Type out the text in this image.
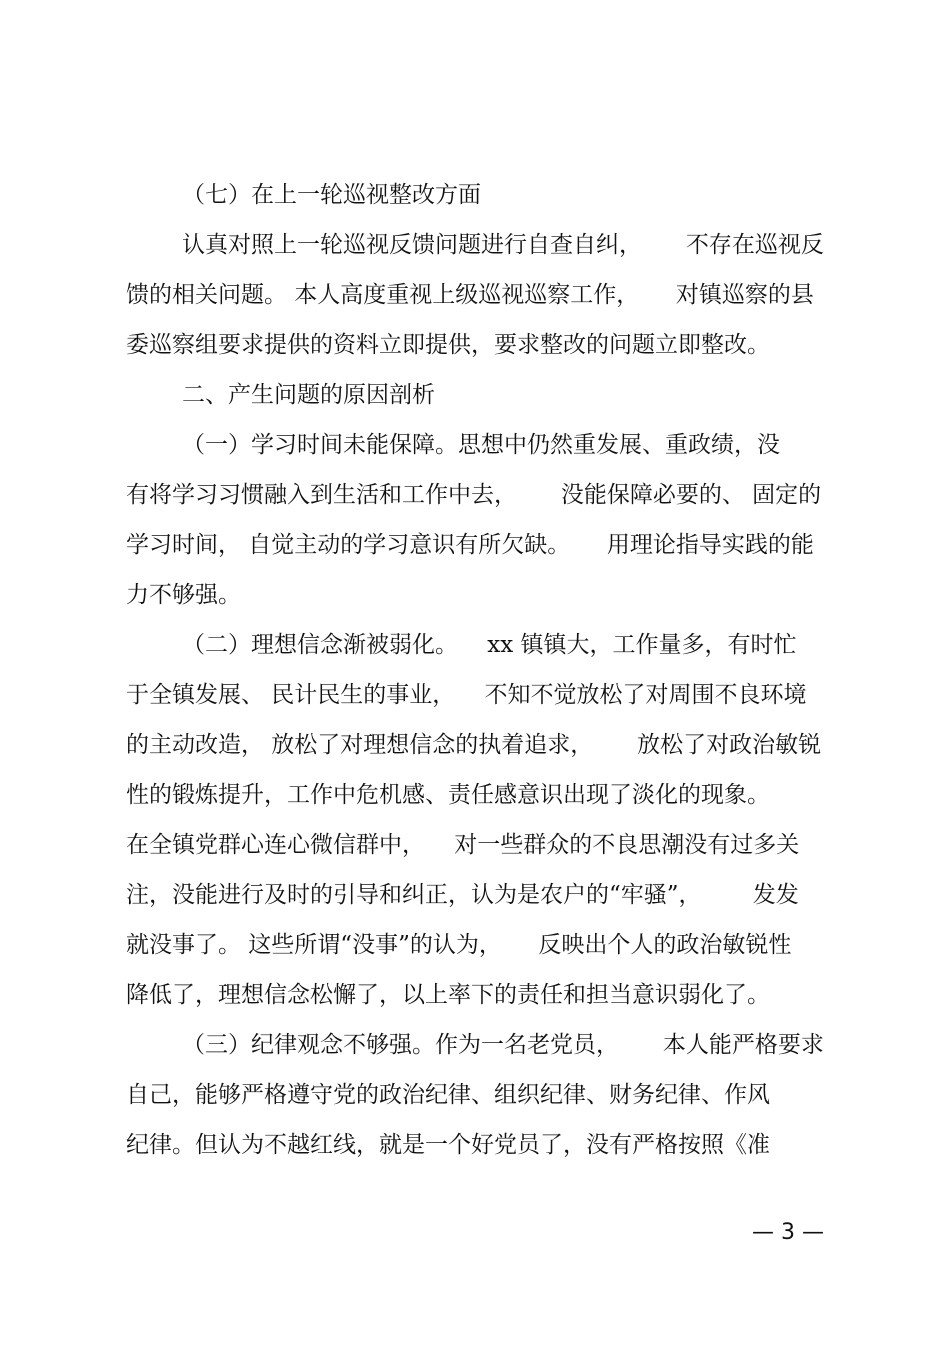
（七）在上一轮巡视整改方面
认真对照上一轮巡视反馈问题进行自查自纠，      不存在巡视反
馈的相关问题。 本人高度重视上级巡视巡察工作，     对镇巡察的县
委巡察组要求提供的资料立即提供，要求整改的问题立即整改。
二、产生问题的原因剖析
（一）学习时间未能保障。思想中仍然重发展、重政绩，没
有将学习习惯融入到生活和工作中去，      没能保障必要的、 固定的
学习时间， 自觉主动的学习意识有所欠缺。     用理论指导实践的能
力不够强。
（二）理想信念渐被弱化。    xx 镇镇大，工作量多，有时忙
于全镇发展、 民计民生的事业，    不知不觉放松了对周围不良环境
的主动改造， 放松了对理想信念的执着追求，      放松了对政治敏锐
性的锻炼提升，工作中危机感、责任感意识出现了淡化的现象。
在全镇党群心连心微信群中，    对一些群众的不良思潮没有过多关
注，没能进行及时的引导和纠正，认为是农户的“牢骚”，       发发
就没事了。 这些所谓“没事”的认为，     反映出个人的政治敏锐性
降低了，理想信念松懈了，以上率下的责任和担当意识弱化了。
（三）纪律观念不够强。作为一名老党员，      本人能严格要求
自己，能够严格遵守党的政治纪律、组织纪律、财务纪律、作风
纪律。但认为不越红线，就是一个好党员了，没有严格按照《准
— 3 —
